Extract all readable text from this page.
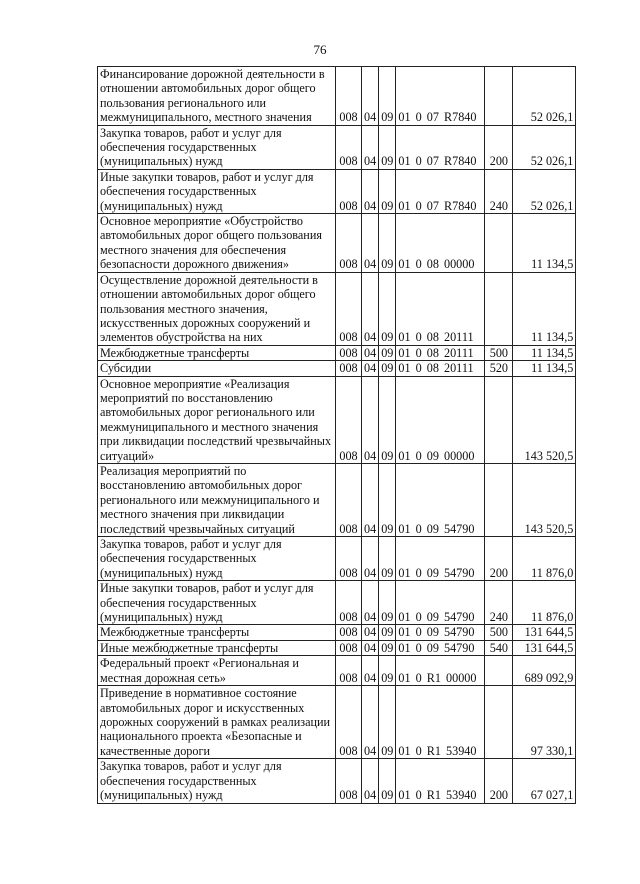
76
Финансирование дорожной деятельности в отношении автомобильных дорог общего пользования регионального или межмуниципального, местного значения	008	04	09	01 0 07 R7840		52 026,1
Закупка товаров, работ и услуг для обеспечения государственных (муниципальных) нужд	008	04	09	01 0 07 R7840	200	52 026,1
Иные закупки товаров, работ и услуг для обеспечения государственных (муниципальных) нужд	008	04	09	01 0 07 R7840	240	52 026,1
Основное мероприятие «Обустройство автомобильных дорог общего пользования местного значения для обеспечения безопасности дорожного движения»	008	04	09	01 0 08 00000		11 134,5
Осуществление дорожной деятельности в отношении автомобильных дорог общего пользования местного значения, искусственных дорожных сооружений и элементов обустройства на них	008	04	09	01 0 08 20111		11 134,5
Межбюджетные трансферты	008	04	09	01 0 08 20111	500	11 134,5
Субсидии	008	04	09	01 0 08 20111	520	11 134,5
Основное мероприятие «Реализация мероприятий по восстановлению автомобильных дорог регионального или межмуниципального и местного значения при ликвидации последствий чрезвычайных ситуаций»	008	04	09	01 0 09 00000		143 520,5
Реализация мероприятий по восстановлению автомобильных дорог регионального или межмуниципального и местного значения при ликвидации последствий чрезвычайных ситуаций	008	04	09	01 0 09 54790		143 520,5
Закупка товаров, работ и услуг для обеспечения государственных (муниципальных) нужд	008	04	09	01 0 09 54790	200	11 876,0
Иные закупки товаров, работ и услуг для обеспечения государственных (муниципальных) нужд	008	04	09	01 0 09 54790	240	11 876,0
Межбюджетные трансферты	008	04	09	01 0 09 54790	500	131 644,5
Иные межбюджетные трансферты	008	04	09	01 0 09 54790	540	131 644,5
Федеральный проект «Региональная и местная дорожная сеть»	008	04	09	01 0 R1 00000		689 092,9
Приведение в нормативное состояние автомобильных дорог и искусственных дорожных сооружений в рамках реализации национального проекта «Безопасные и качественные дороги	008	04	09	01 0 R1 53940		97 330,1
Закупка товаров, работ и услуг для обеспечения государственных (муниципальных) нужд	008	04	09	01 0 R1 53940	200	67 027,1
